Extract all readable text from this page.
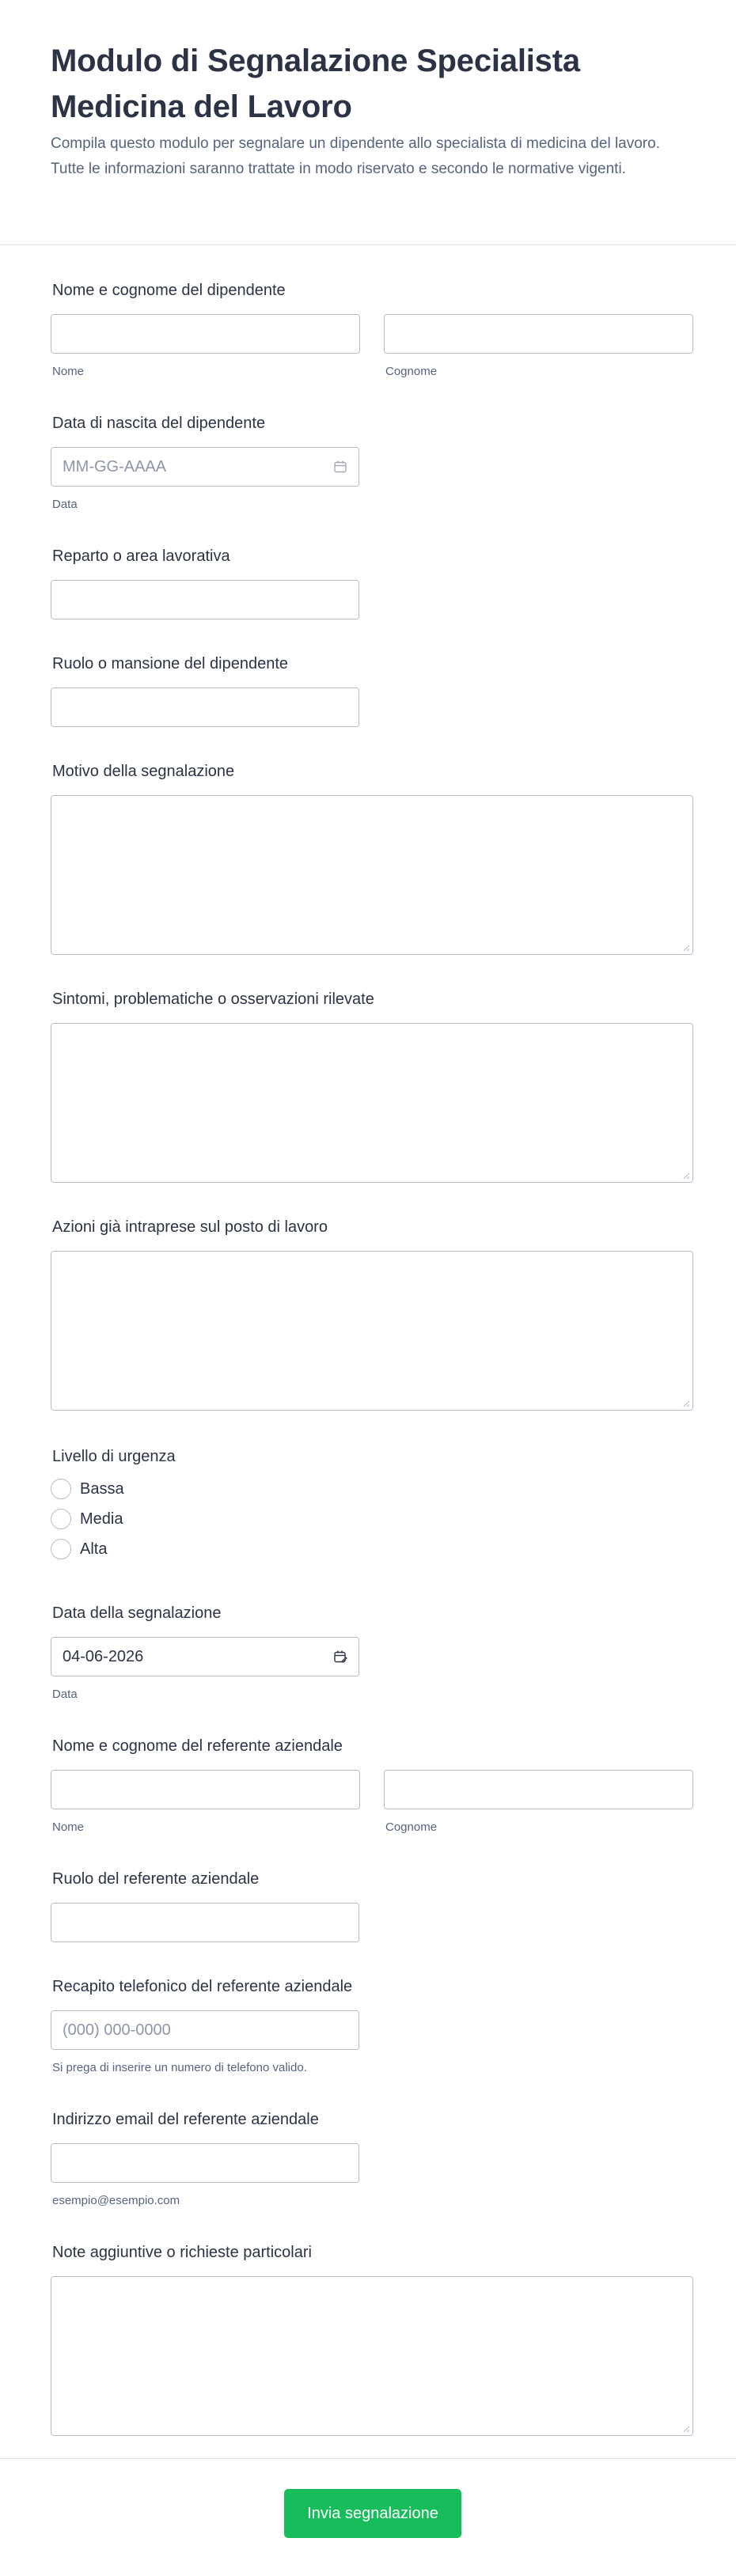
Modulo di Segnalazione Specialista Medicina del Lavoro

Compila questo modulo per segnalare un dipendente allo specialista di medicina del lavoro. Tutte le informazioni saranno trattate in modo riservato e secondo le normative vigenti.

Nome e cognome del dipendente
Nome	Cognome
Data di nascita del dipendente
MM-GG-AAAA
Data
Reparto o area lavorativa
Ruolo o mansione del dipendente
Motivo della segnalazione
Sintomi, problematiche o osservazioni rilevate
Azioni già intraprese sul posto di lavoro
Livello di urgenza
Bassa
Media
Alta
Data della segnalazione
04-06-2026
Data
Nome e cognome del referente aziendale
Nome	Cognome
Ruolo del referente aziendale
Recapito telefonico del referente aziendale
(000) 000-0000
Si prega di inserire un numero di telefono valido.
Indirizzo email del referente aziendale
esempio@esempio.com
Note aggiuntive o richieste particolari
Invia segnalazione
